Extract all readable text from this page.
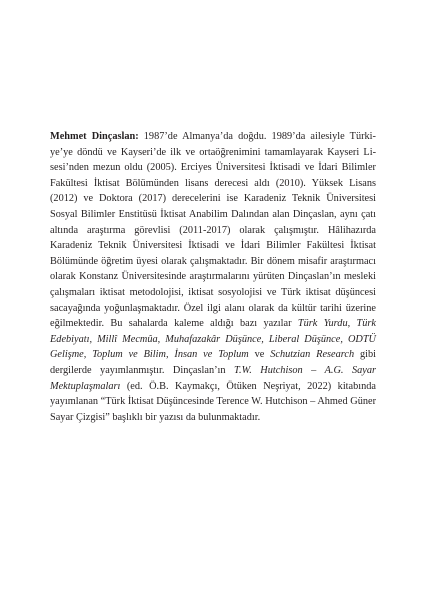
Mehmet Dinçaslan: 1987’de Almanya’da doğdu. 1989’da ailesiyle Türkiye’ye döndü ve Kayseri’de ilk ve ortaöğrenimini tamamlayarak Kayseri Lisesi’nden mezun oldu (2005). Erciyes Üniversitesi İktisadi ve İdari Bilimler Fakültesi İktisat Bölümünden lisans derecesi aldı (2010). Yüksek Lisans (2012) ve Doktora (2017) derecelerini ise Karadeniz Teknik Üniversitesi Sosyal Bilimler Enstitüsü İktisat Anabilim Dalından alan Dinçaslan, aynı çatı altında araştırma görevlisi (2011-2017) olarak çalışmıştır. Hâlihazırda Karadeniz Teknik Üniversitesi İktisadi ve İdari Bilimler Fakültesi İktisat Bölümünde öğretim üyesi olarak çalışmaktadır. Bir dönem misafir araştırmacı olarak Konstanz Üniversitesinde araştırmalarını yürüten Dinçaslan’ın mesleki çalışmaları iktisat metodolojisi, iktisat sosyolojisi ve Türk iktisat düşüncesi sacayağında yoğunlaşmaktadır. Özel ilgi alanı olarak da kültür tarihi üzerine eğilmektedir. Bu sahalarda kaleme aldığı bazı yazılar Türk Yurdu, Türk Edebiyatı, Millî Mecmûa, Muhafazakâr Düşünce, Liberal Düşünce, ODTÜ Gelişme, Toplum ve Bilim, İnsan ve Toplum ve Schutzian Research gibi dergilerde yayımlanmıştır. Dinçaslan’ın T.W. Hutchison – A.G. Sayar Mektuplaşmaları (ed. Ö.B. Kaymakçı, Ötüken Neşriyat, 2022) kitabında yayımlanan “Türk İktisat Düşüncesinde Terence W. Hutchison – Ahmed Güner Sayar Çizgisi” başlıklı bir yazısı da bulunmaktadır.
